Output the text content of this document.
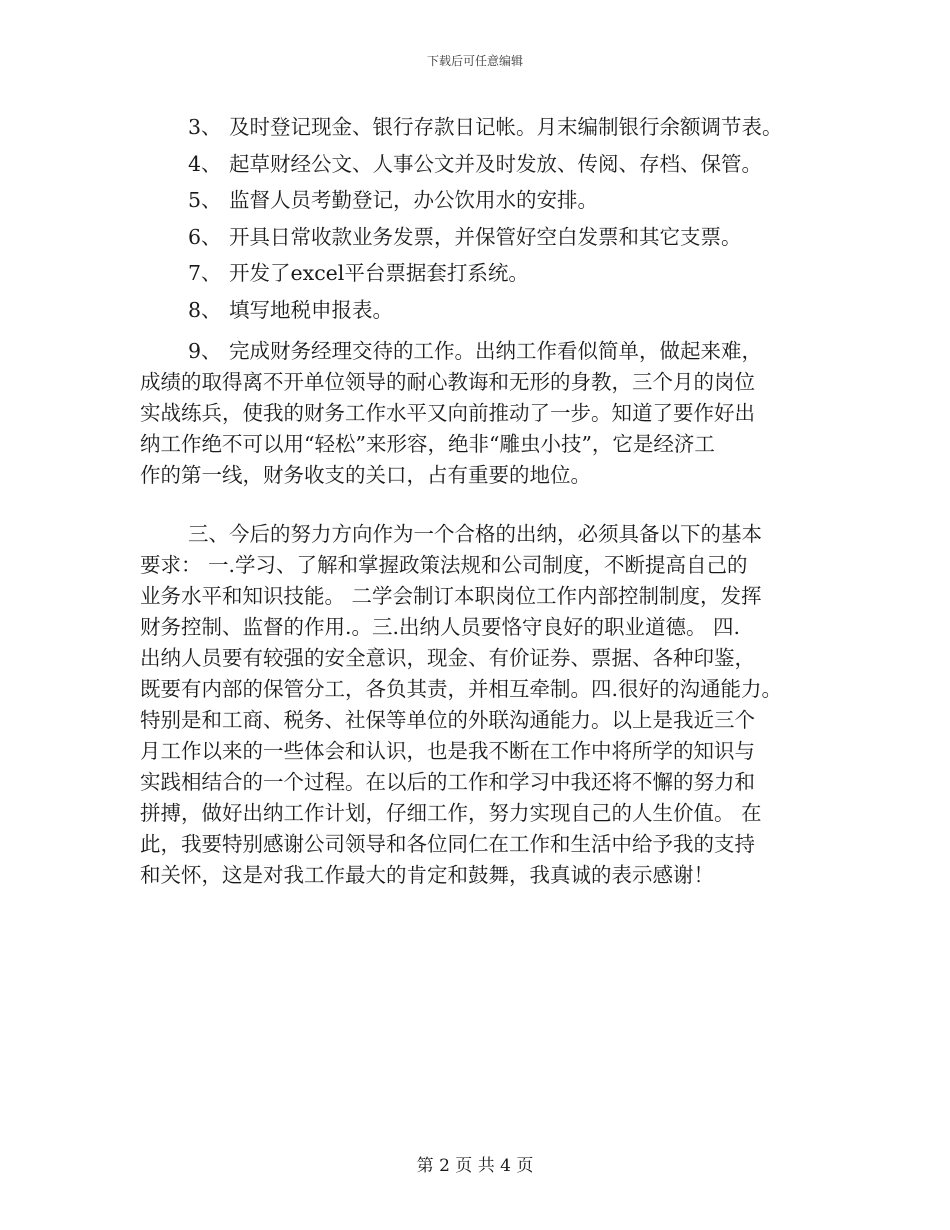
下载后可任意编辑
3、 及时登记现金、银行存款日记帐。月末编制银行余额调节表。
4、 起草财经公文、人事公文并及时发放、传阅、存档、保管。
5、 监督人员考勤登记，办公饮用水的安排。
6、 开具日常收款业务发票，并保管好空白发票和其它支票。
7、 开发了excel平台票据套打系统。
8、 填写地税申报表。
9、 完成财务经理交待的工作。出纳工作看似简单，做起来难，
成绩的取得离不开单位领导的耐心教诲和无形的身教，三个月的岗位
实战练兵，使我的财务工作水平又向前推动了一步。知道了要作好出
纳工作绝不可以用“轻松”来形容，绝非“雕虫小技”，它是经济工
作的第一线，财务收支的关口，占有重要的地位。
三、今后的努力方向作为一个合格的出纳，必须具备以下的基本
要求： 一.学习、了解和掌握政策法规和公司制度，不断提高自己的
业务水平和知识技能。 二学会制订本职岗位工作内部控制制度，发挥
财务控制、监督的作用.。三.出纳人员要恪守良好的职业道德。 四.
出纳人员要有较强的安全意识，现金、有价证券、票据、各种印鉴，
既要有内部的保管分工，各负其责，并相互牵制。四.很好的沟通能力。
特别是和工商、税务、社保等单位的外联沟通能力。以上是我近三个
月工作以来的一些体会和认识，也是我不断在工作中将所学的知识与
实践相结合的一个过程。在以后的工作和学习中我还将不懈的努力和
拼搏，做好出纳工作计划，仔细工作，努力实现自己的人生价值。 在
此，我要特别感谢公司领导和各位同仁在工作和生活中给予我的支持
和关怀，这是对我工作最大的肯定和鼓舞，我真诚的表示感谢！
第 2 页 共 4 页
